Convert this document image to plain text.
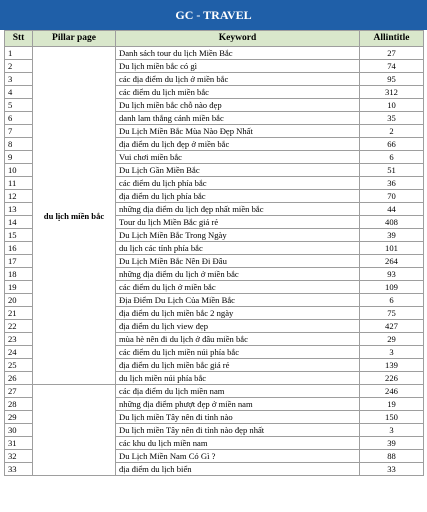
GC - TRAVEL
Stt	Pillar page	Keyword	Allintitle
1	du lịch miền bắc	Danh sách tour du lịch Miền Bắc	27
2		Du lịch miền bắc có gì	74
3		các địa điểm du lịch ở miền bắc	95
4		các điểm du lịch miền bắc	312
5		Du lịch miền bắc chỗ nào đẹp	10
6		danh lam thắng cảnh miền bắc	35
7		Du Lịch Miền Bắc Mùa Nào Đẹp Nhất	2
8		địa điểm du lịch đẹp ở miền bắc	66
9		Vui chơi miền bắc	6
10		Du Lịch Gần Miền Bắc	51
11		các điểm du lịch phía bắc	36
12		địa điểm du lịch phía bắc	70
13		những địa điểm du lịch đẹp nhất miền bắc	44
14		Tour du lịch Miền Bắc giá rẻ	408
15		Du Lịch Miền Bắc Trong Ngày	39
16		du lịch các tỉnh phía bắc	101
17		Du Lịch Miền Bắc Nên Đi Đâu	264
18		những địa điểm du lịch ở miền bắc	93
19		các điểm du lịch ở miền bắc	109
20		Địa Điểm Du Lịch Của Miền Bắc	6
21		địa điểm du lịch miền bắc 2 ngày	75
22		địa điểm du lịch view đẹp	427
23		mùa hè nên đi du lịch ở đâu miền bắc	29
24		các điểm du lịch miền núi phía bắc	3
25		địa điểm du lịch miền bắc giá rẻ	139
26		du lịch miền núi phía bắc	226
27		các địa điểm du lịch miền nam	246
28		những địa điểm phượt đẹp ở miền nam	19
29		Du lịch miền Tây nên đi tỉnh nào	150
30		Du lịch miền Tây nên đi tỉnh nào đẹp nhất	3
31		các khu du lịch miền nam	39
32		Du Lịch Miền Nam Có Gì ?	88
33		địa điểm du lịch biển	33
